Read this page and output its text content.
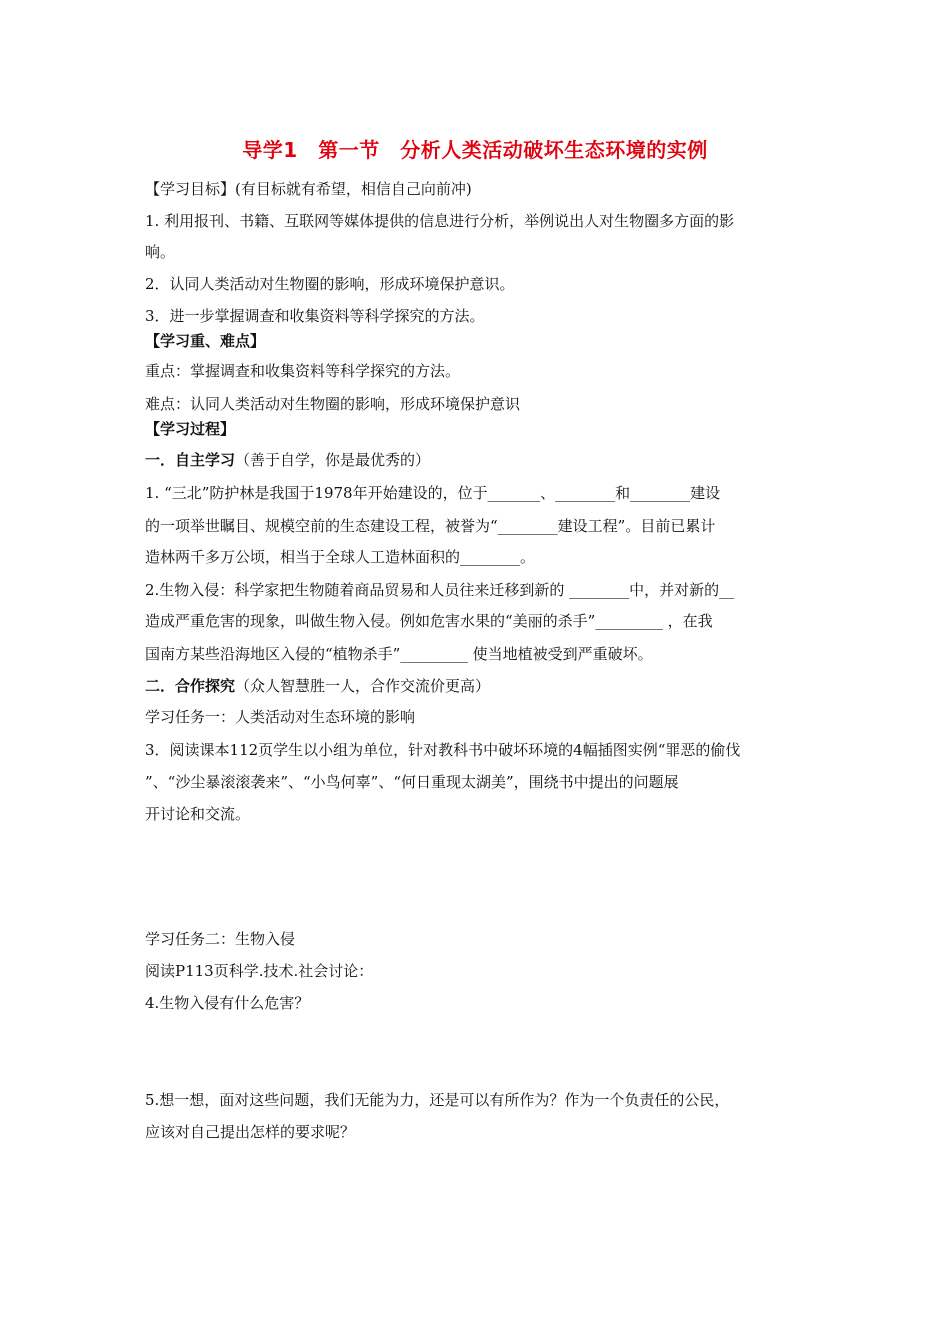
导学1　第一节　分析人类活动破坏生态环境的实例
【学习目标】(有目标就有希望，相信自己向前冲)
1. 利用报刊、书籍、互联网等媒体提供的信息进行分析，举例说出人对生物圈多方面的影
响。
2．认同人类活动对生物圈的影响，形成环境保护意识。
3．进一步掌握调查和收集资料等科学探究的方法。
【学习重、难点】
重点：掌握调查和收集资料等科学探究的方法。
难点：认同人类活动对生物圈的影响，形成环境保护意识
【学习过程】
一．自主学习（善于自学，你是最优秀的）
1. “三北”防护林是我国于1978年开始建设的，位于_______、________和________建设
的一项举世瞩目、规模空前的生态建设工程，被誉为“________建设工程”。目前已累计
造林两千多万公顷，相当于全球人工造林面积的________。
2.生物入侵：科学家把生物随着商品贸易和人员往来迁移到新的 ________中，并对新的__
造成严重危害的现象，叫做生物入侵。例如危害水果的“美丽的杀手”_________ ，在我
国南方某些沿海地区入侵的“植物杀手”_________ 使当地植被受到严重破坏。
二．合作探究（众人智慧胜一人，合作交流价更高）
学习任务一：人类活动对生态环境的影响
3．阅读课本112页学生以小组为单位，针对教科书中破坏环境的4幅插图实例“罪恶的偷伐
”、“沙尘暴滚滚袭来”、“小鸟何辜”、“何日重现太湖美”，围绕书中提出的问题展
开讨论和交流。
学习任务二：生物入侵
阅读P113页科学.技术.社会讨论：
4.生物入侵有什么危害？
5.想一想，面对这些问题，我们无能为力，还是可以有所作为？作为一个负责任的公民，
应该对自己提出怎样的要求呢？
